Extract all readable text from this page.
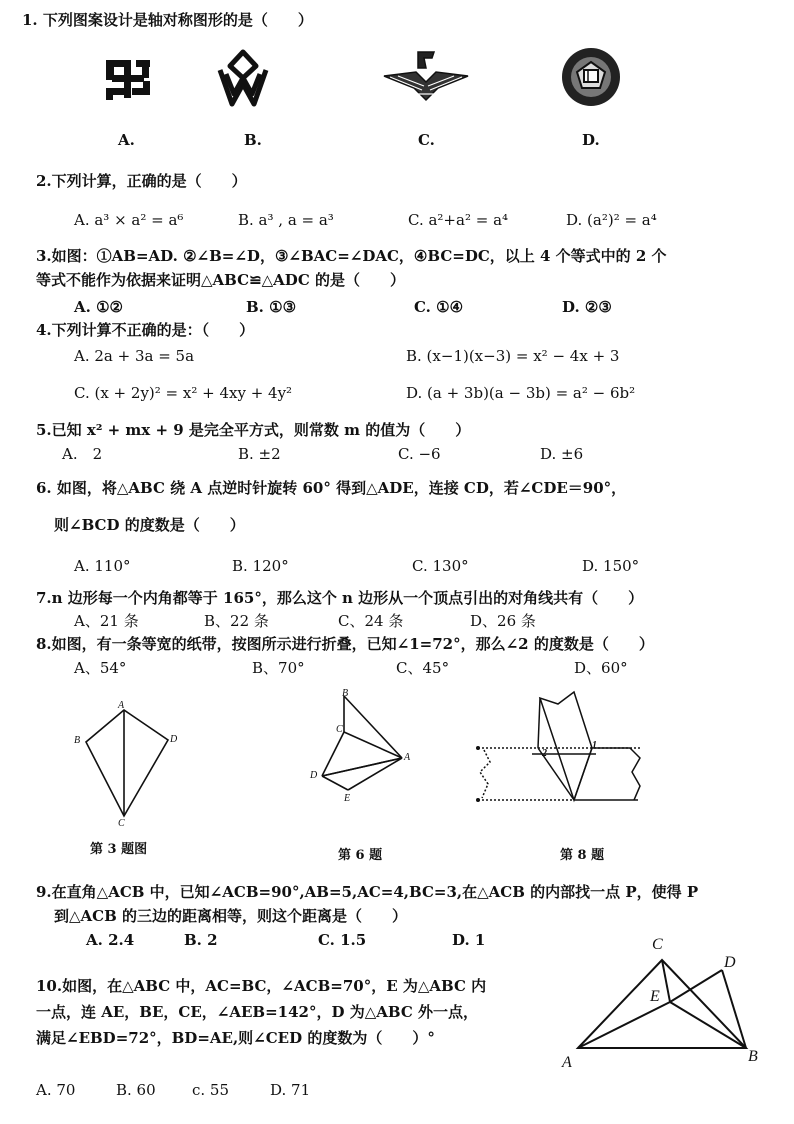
1. 下列图案设计是轴对称图形的是（　　）
A.	B.	C.	D.
2.下列计算，正确的是（　　）
A. a³ × a² = a⁶	B. a³ , a = a³	C. a²+a² = a⁴	D. (a²)² = a⁴
3.如图：①AB=AD. ②∠B=∠D，③∠BAC=∠DAC，④BC=DC，以上 4 个等式中的 2 个
等式不能作为依据来证明△ABC≌△ADC 的是（　　）
A. ①②	B. ①③	C. ①④	D. ②③
4.下列计算不正确的是：（　　）
A. 2a + 3a = 5a	B. (x−1)(x−3) = x² − 4x + 3
C. (x + 2y)² = x² + 4xy + 4y²	D. (a + 3b)(a − 3b) = a² − 6b²
5.已知 x² + mx + 9 是完全平方式，则常数 m 的值为（　　）
A.　2	B. ±2	C. −6	D. ±6
6. 如图，将△ABC 绕 A 点逆时针旋转 60° 得到△ADE，连接 CD，若∠CDE＝90°，
则∠BCD 的度数是（　　）
A. 110°	B. 120°	C. 130°	D. 150°
7.n 边形每一个内角都等于 165°，那么这个 n 边形从一个顶点引出的对角线共有（　　）
A、21 条	B、22 条	C、24 条	D、26 条
8.如图，有一条等宽的纸带，按图所示进行折叠，已知∠1=72°，那么∠2 的度数是（　　）
A、54°	B、70°	C、45°	D、60°
A
B
C
D
第 3 题图
B
C
A
D
E
第 6 题
1
2
第 8 题
9.在直角△ACB 中，已知∠ACB=90°,AB=5,AC=4,BC=3,在△ACB 的内部找一点 P，使得 P
到△ACB 的三边的距离相等，则这个距离是（　　）
A. 2.4	B. 2	C. 1.5	D. 1
10.如图，在△ABC 中，AC=BC，∠ACB=70°，E 为△ABC 内
一点，连 AE，BE，CE，∠AEB=142°，D 为△ABC 外一点，
满足∠EBD=72°，BD=AE,则∠CED 的度数为（　　）°
A. 70	B. 60 c. 55	D. 71
C
D
E
A	B
